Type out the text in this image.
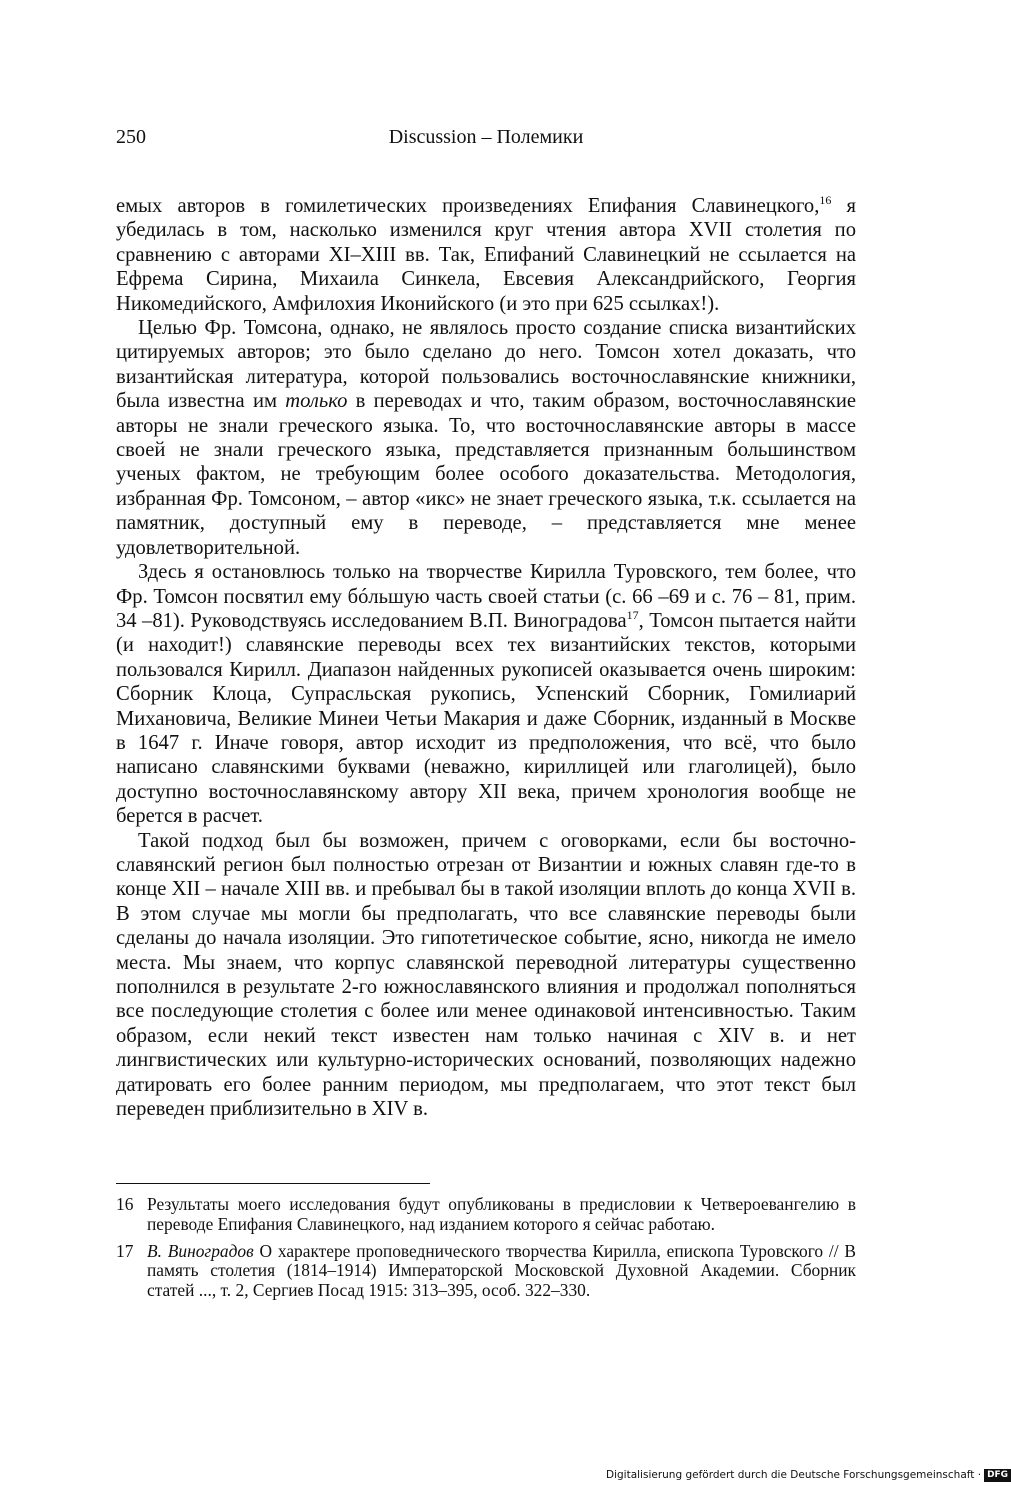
250	Discussion – Полемики

емых авторов в гомилетических произведениях Епифания Славинецкого,$^{16}$ я убедилась в том, насколько изменился круг чтения автора XVII столетия по сравнению с авторами XI–XIII вв. Так, Епифаний Славинецкий не ссылается на Ефрема Сирина, Михаила Синкела, Евсевия Александрийского, Георгия Никомедийского, Амфилохия Иконийского (и это при 625 ссылках!).

Целью Фр. Томсона, однако, не являлось просто создание списка византийских цитируемых авторов; это было сделано до него. Томсон хотел доказать, что византийская литература, которой пользовались восточнославянские книжники, была известна им только в переводах и что, таким образом, восточнославянские авторы не знали греческого языка. То, что восточнославянские авторы в массе своей не знали греческого языка, представляется признанным большинством ученых фактом, не требующим более особого доказательства. Методология, избранная Фр. Томсоном, – автор «икс» не знает греческого языка, т.к. ссылается на памятник, доступный ему в переводе, – представляется мне менее удовлетворительной.

Здесь я остановлюсь только на творчестве Кирилла Туровского, тем более, что Фр. Томсон посвятил ему бóльшую часть своей статьи (с. 66 –69 и с. 76 – 81, прим. 34 –81). Руководствуясь исследованием В.П. Виноградова$^{17}$, Томсон пытается найти (и находит!) славянские переводы всех тех византийских текстов, которыми пользовался Кирилл. Диапазон найденных рукописей оказывается очень широким: Сборник Клоца, Супрасльская рукопись, Успенский Сборник, Гомилиарий Михановича, Великие Минеи Четьи Макария и даже Сборник, изданный в Москве в 1647 г. Иначе говоря, автор исходит из предположения, что всё, что было написано славянскими буквами (неважно, кириллицей или глаголицей), было доступно восточнославянскому автору XII века, причем хронология вообще не берется в расчет.

Такой подход был бы возможен, причем с оговорками, если бы восточнославянский регион был полностью отрезан от Византии и южных славян где-то в конце XII – начале XIII вв. и пребывал бы в такой изоляции вплоть до конца XVII в. В этом случае мы могли бы предполагать, что все славянские переводы были сделаны до начала изоляции. Это гипотетическое событие, ясно, никогда не имело места. Мы знаем, что корпус славянской переводной литературы существенно пополнился в результате 2-го южнославянского влияния и продолжал пополняться все последующие столетия с более или менее одинаковой интенсивностью. Таким образом, если некий текст известен нам только начиная с XIV в. и нет лингвистических или культурно-исторических оснований, позволяющих надежно датировать его более ранним периодом, мы предполагаем, что этот текст был переведен приблизительно в XIV в.

16 Результаты моего исследования будут опубликованы в предисловии к Четвероевангелию в переводе Епифания Славинецкого, над изданием которого я сейчас работаю.
17 В. Виноградов О характере проповеднического творчества Кирилла, епископа Туровского // В память столетия (1814–1914) Императорской Московской Духовной Академии. Сборник статей ..., т. 2, Сергиев Посад 1915: 313–395, особ. 322–330.
Digitalisierung gefördert durch die Deutsche Forschungsgemeinschaft · DFG
